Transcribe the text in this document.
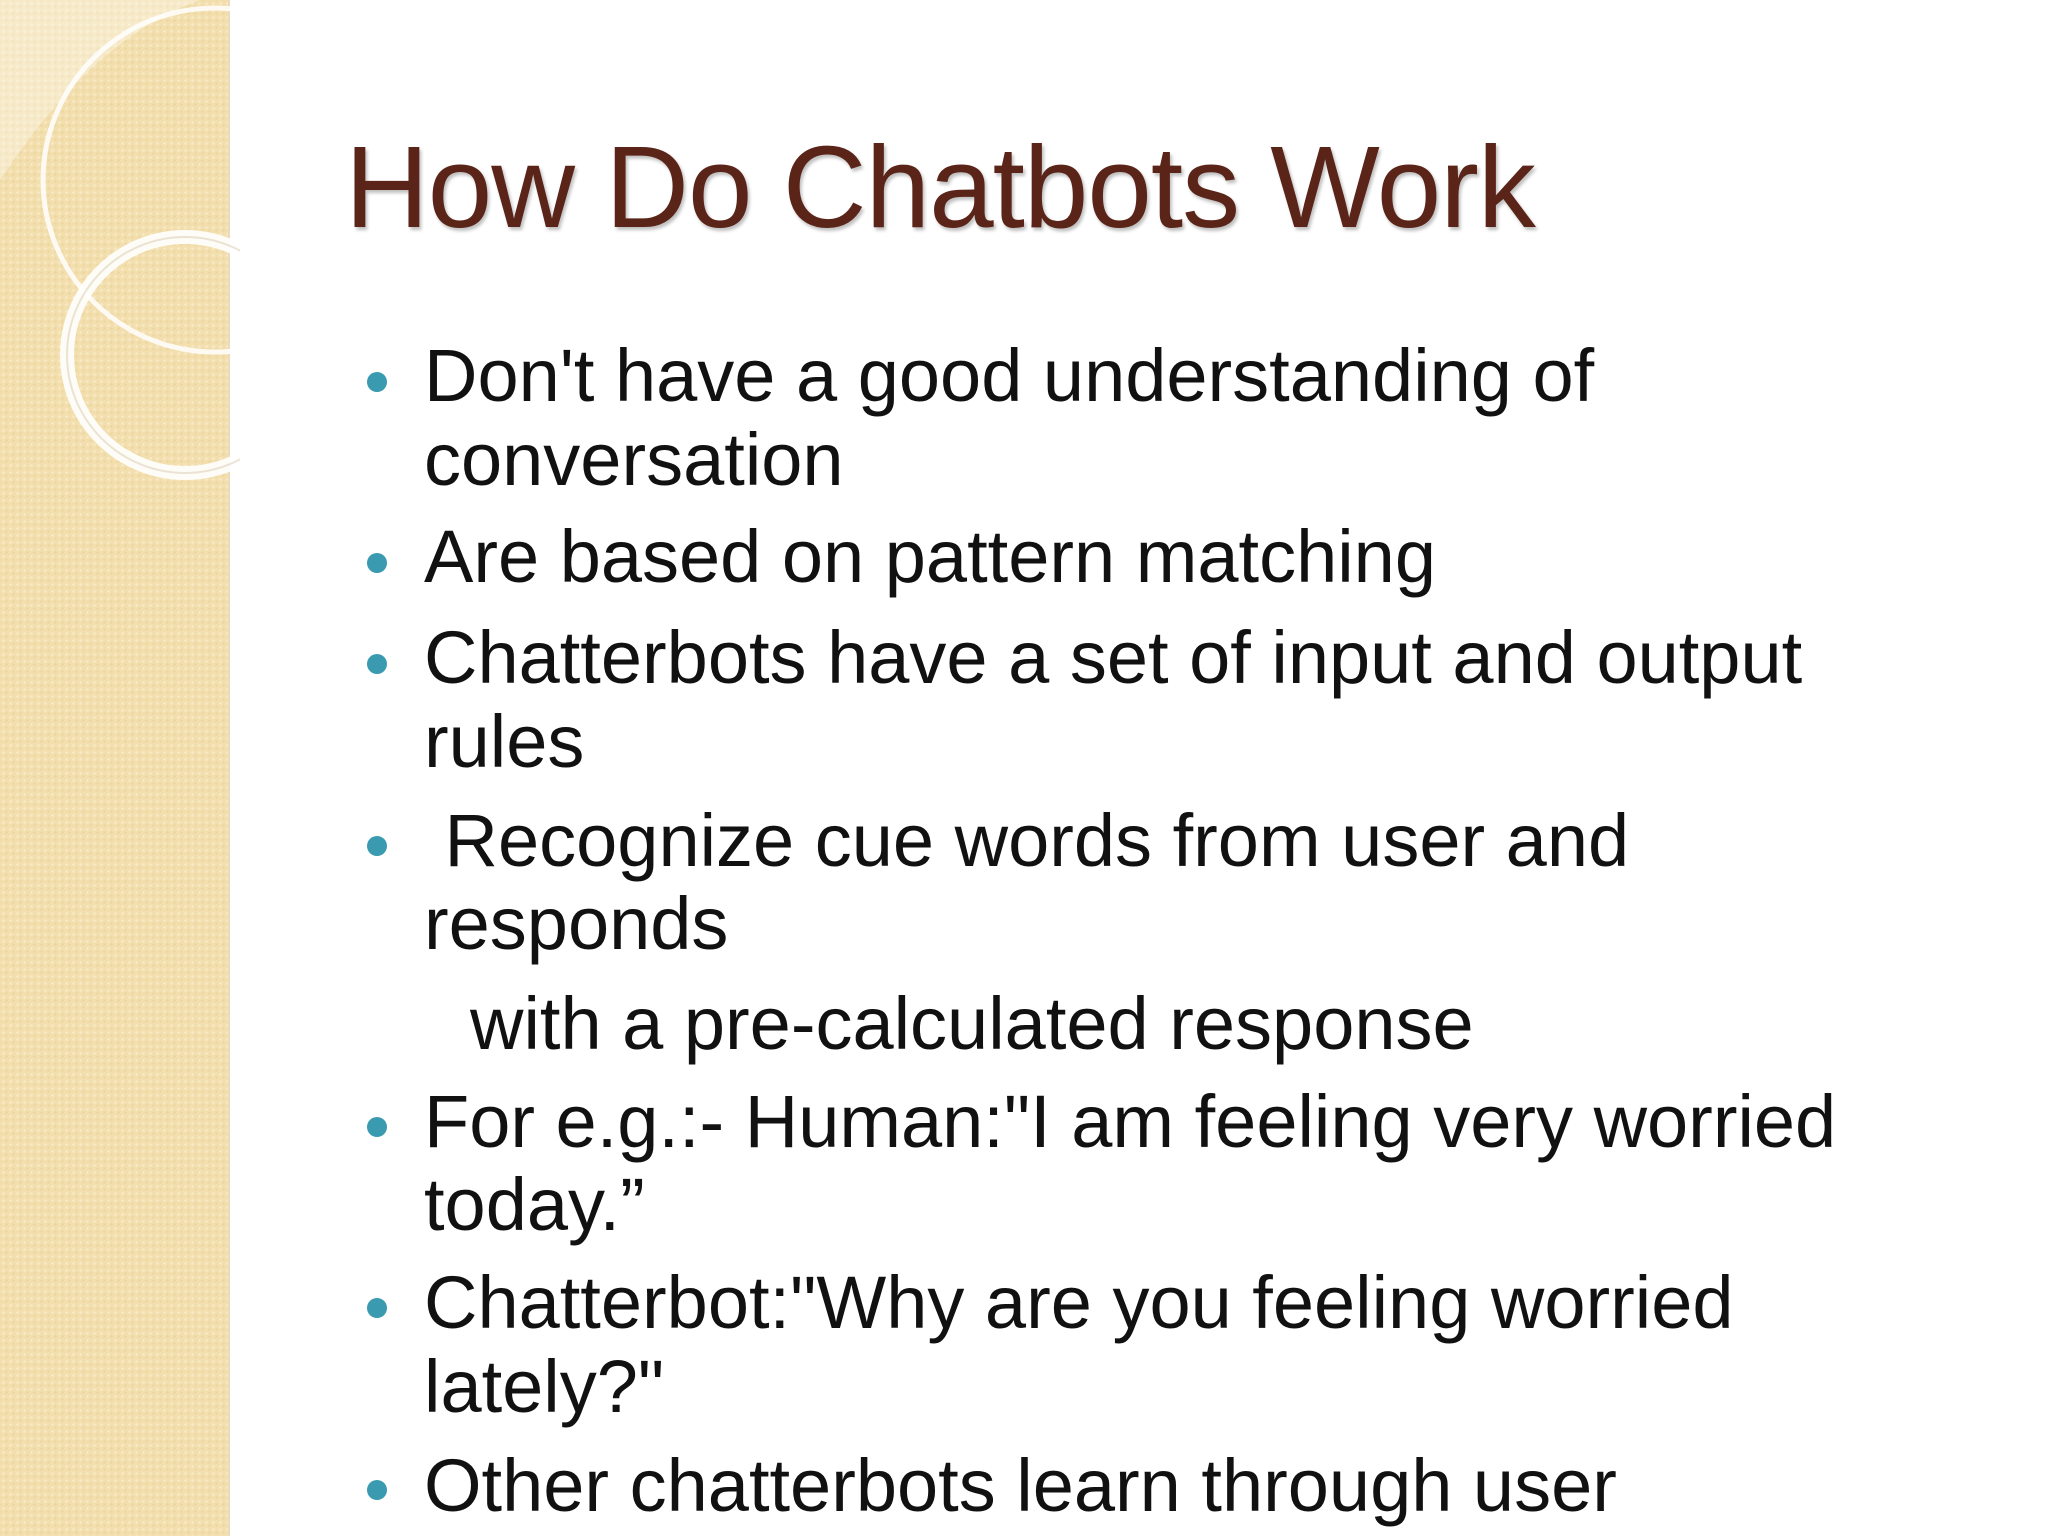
How Do Chatbots Work
Don't have a good understanding of
conversation
Are based on pattern matching
Chatterbots have a set of input and output
rules
Recognize cue words from user and
responds
with a pre-calculated response
For e.g.:- Human:"I am feeling very worried
today.”
Chatterbot:"Why are you feeling worried
lately?"
Other chatterbots learn through user
